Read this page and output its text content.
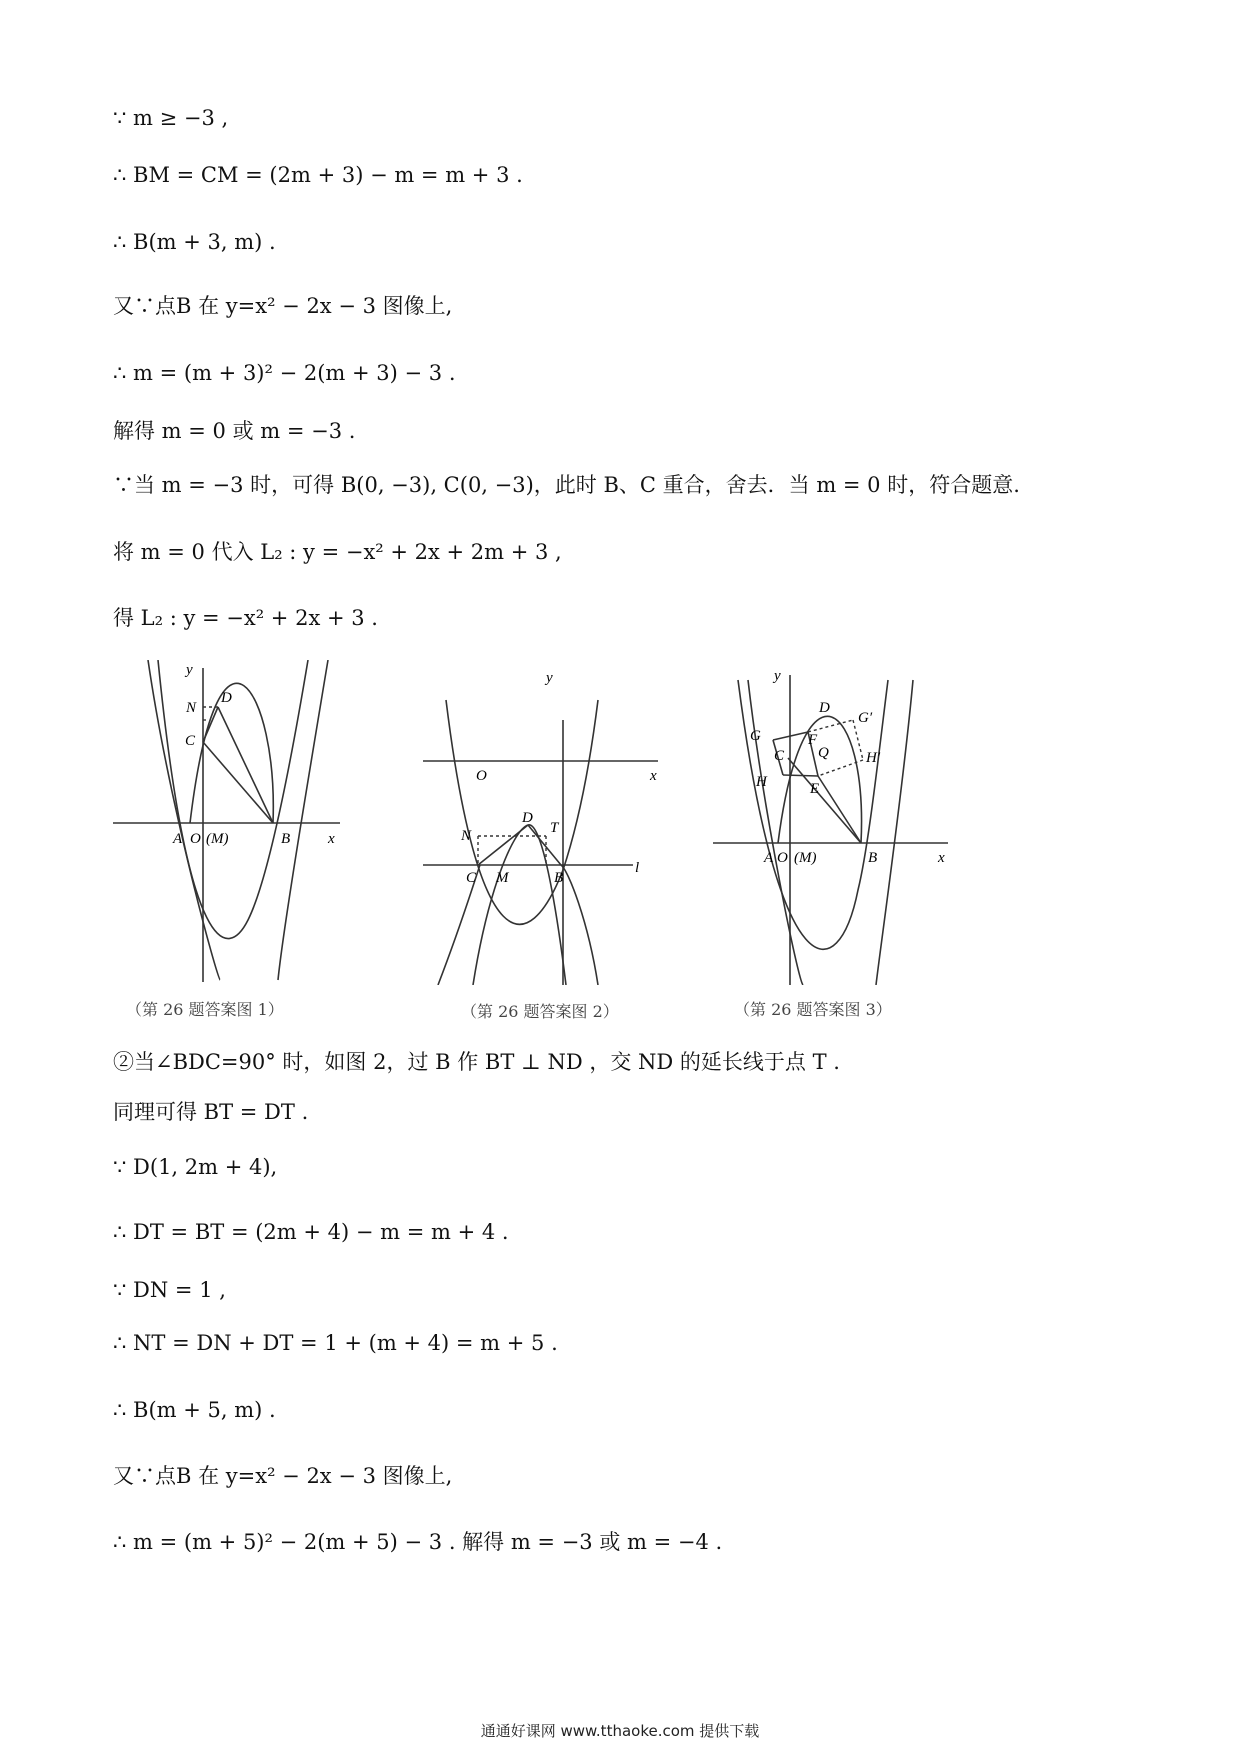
∵ m ≥ −3 ,
∴ BM = CM = (2m + 3) − m = m + 3 .
∴ B(m + 3, m) .
又∵点B 在 y=x² − 2x − 3 图像上,
∴ m = (m + 3)² − 2(m + 3) − 3 .
解得 m = 0 或 m = −3 .
∵当 m = −3 时，可得 B(0, −3), C(0, −3)，此时 B、C 重合，舍去．当 m = 0 时，符合题意.
将 m = 0 代入 L₂ : y = −x² + 2x + 2m + 3 ,
得 L₂ : y = −x² + 2x + 3 .
y
x
N
D
C
A O (M)	B
y
x
O
N
D
T
C M	B
l
y
x
D
G
G′
C
F
Q H′
H	E
A O (M)	B
（第 26 题答案图 1）	（第 26 题答案图 2）	（第 26 题答案图 3）
②当∠BDC=90° 时，如图 2，过 B 作 BT ⊥ ND ，交 ND 的延长线于点 T .
同理可得 BT = DT .
∵ D(1, 2m + 4),
∴ DT = BT = (2m + 4) − m = m + 4 .
∵ DN = 1 ,
∴ NT = DN + DT = 1 + (m + 4) = m + 5 .
∴ B(m + 5, m) .
又∵点B 在 y=x² − 2x − 3 图像上,
∴ m = (m + 5)² − 2(m + 5) − 3 . 解得 m = −3 或 m = −4 .
通通好课网 www.tthaoke.com 提供下载
